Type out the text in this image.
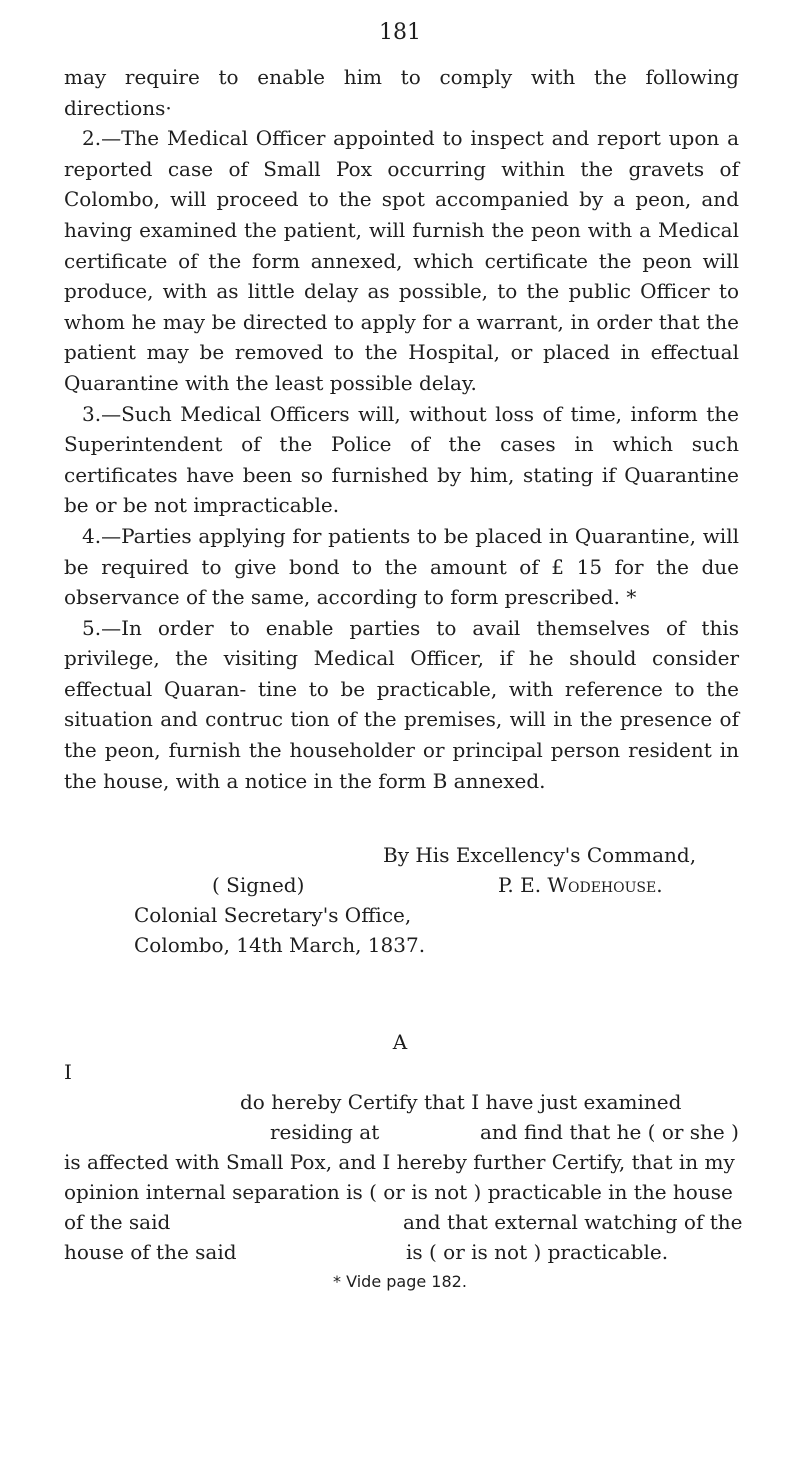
181

may require to enable him to comply with the following directions·

2.—The Medical Officer appointed to inspect and report upon a reported case of Small Pox occurring within the gravets of Colombo, will proceed to the spot accompanied by a peon, and having examined the patient, will furnish the peon with a Medical certificate of the form annexed, which certificate the peon will produce, with as little delay as possible, to the public Officer to whom he may be directed to apply for a warrant, in order that the patient may be removed to the Hospital, or placed in effectual Quarantine with the least possible delay.

3.—Such Medical Officers will, without loss of time, inform the Superintendent of the Police of the cases in which such certificates have been so furnished by him, stating if Quarantine be or be not impracticable.

4.—Parties applying for patients to be placed in Quarantine, will be required to give bond to the amount of £ 15 for the due observance of the same, according to form prescribed. *

5.—In order to enable parties to avail themselves of this privilege, the visiting Medical Officer, if he should consider effectual Quaran- tine to be practicable, with reference to the situation and contruc tion of the premises, will in the presence of the peon, furnish the householder or principal person resident in the house, with a notice in the form B annexed.

By His Excellency's Command,
( Signed)	P. E. Wodehouse.
Colonial Secretary's Office,
Colombo, 14th March, 1837.
A
I
do hereby Certify that I have just examined
residing at	and find that he ( or she )
is affected with Small Pox, and I hereby further Certify, that in my
opinion internal separation is ( or is not ) practicable in the house
of the said	and that external watching of the
house of the said	is ( or is not ) practicable.
* Vide page 182.
